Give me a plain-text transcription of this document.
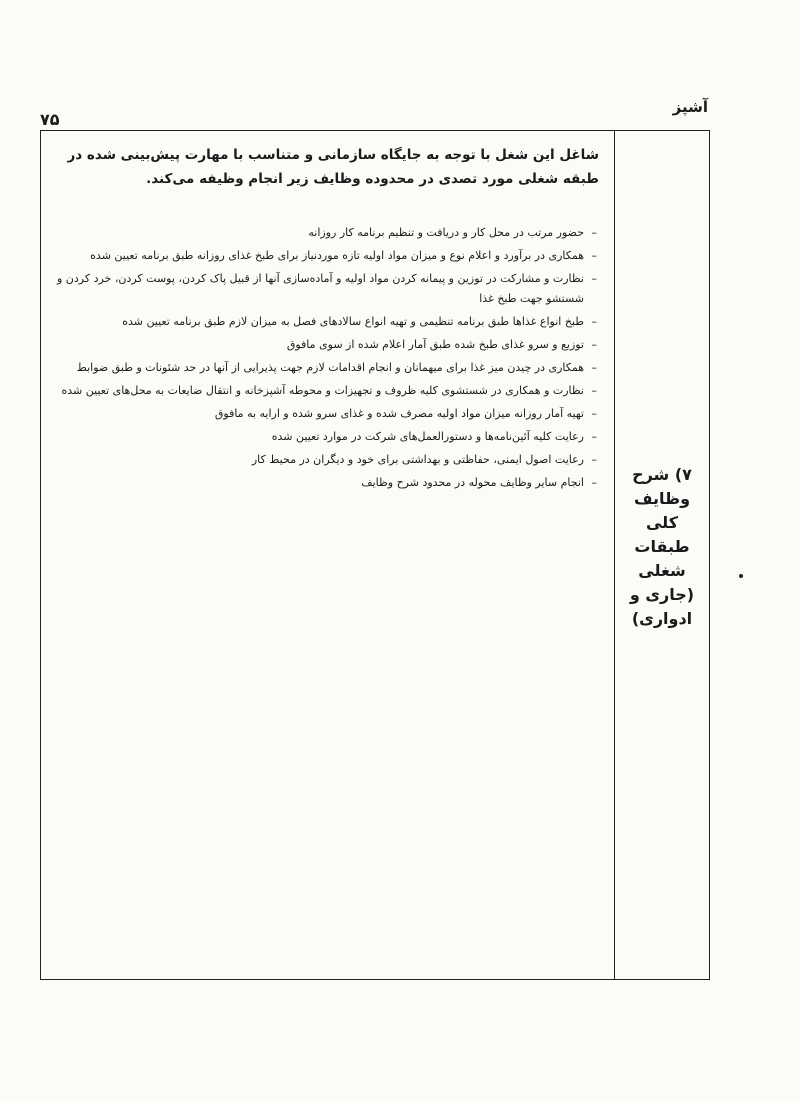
آشپز
۷۵
۷) شرح
وظایف
کلی
طبقات
شغلی
(جاری و
ادواری)
شاغل این شغل با توجه به جایگاه سازمانی و متناسب با مهارت پیش‌بینی شده در طبقه شغلی مورد تصدی در محدوده وظایف زیر انجام وظیفه می‌کند.
– حضور مرتب در محل کار و دریافت و تنظیم برنامه کار روزانه
– همکاری در برآورد و اعلام نوع و میزان مواد اولیه تازه موردنیاز برای طبخ غذای روزانه طبق برنامه تعیین شده
– نظارت و مشارکت در توزین و پیمانه کردن مواد اولیه و آماده‌سازی آنها از قبیل پاک کردن، پوست کردن، خرد کردن و شستشو جهت طبخ غذا
– طبخ انواع غذاها طبق برنامه تنظیمی و تهیه انواع سالادهای فصل به میزان لازم طبق برنامه تعیین شده
– توزیع و سرو غذای طبخ شده طبق آمار اعلام شده از سوی مافوق
– همکاری در چیدن میز غذا برای میهمانان و انجام اقدامات لازم جهت پذیرایی از آنها در حد شئونات و طبق ضوابط
– نظارت و همکاری در شستشوی کلیه ظروف و تجهیزات و محوطه آشپزخانه و انتقال ضایعات به محل‌های تعیین شده
– تهیه آمار روزانه میزان مواد اولیه مصرف شده و غذای سرو شده و ارایه به مافوق
– رعایت کلیه آئین‌نامه‌ها و دستورالعمل‌های شرکت در موارد تعیین شده
– رعایت اصول ایمنی، حفاظتی و بهداشتی برای خود و دیگران در محیط کار
– انجام سایر وظایف محوله در محدود شرح وظایف
